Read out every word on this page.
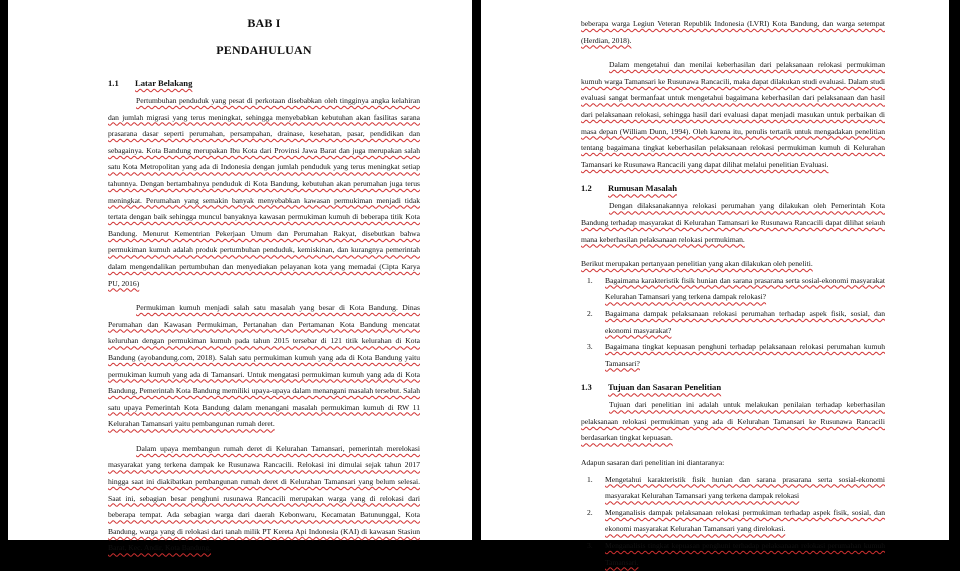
BAB I
PENDAHULUAN
1.1	Latar Belakang

Pertumbuhan penduduk yang pesat di perkotaan disebabkan oleh tingginya angka kelahiran dan jumlah migrasi yang terus meningkat, sehingga menyebabkan kebutuhan akan fasilitas sarana prasarana dasar seperti perumahan, persampahan, drainase, kesehatan, pasar, pendidikan dan sebagainya. Kota Bandung merupakan Ibu Kota dari Provinsi Jawa Barat dan juga merupakan salah satu Kota Metropolitan yang ada di Indonesia dengan jumlah penduduk yang terus meningkat setiap tahunnya. Dengan bertambahnya penduduk di Kota Bandung, kebutuhan akan perumahan juga terus meningkat. Perumahan yang semakin banyak menyebabkan kawasan permukiman menjadi tidak tertata dengan baik sehingga muncul banyaknya kawasan permukiman kumuh di beberapa titik Kota Bandung. Menurut Kementrian Pekerjaan Umum dan Perumahan Rakyat, disebutkan bahwa permukiman kumuh adalah produk pertumbuhan penduduk, kemiskinan, dan kurangnya pemerintah dalam mengendalikan pertumbuhan dan menyediakan pelayanan kota yang memadai (Cipta Karya PU, 2016)

Permukiman kumuh menjadi salah satu masalah yang besar di Kota Bandung. Dinas Perumahan dan Kawasan Permukiman, Pertanahan dan Pertamanan Kota Bandung mencatat keluruhan dengan permukiman kumuh pada tahun 2015 tersebar di 121 titik kelurahan di Kota Bandung (ayobandung.com, 2018). Salah satu permukiman kumuh yang ada di Kota Bandung yaitu permukiman kumuh yang ada di Tamansari. Untuk mengatasi permukiman kumuh yang ada di Kota Bandung, Pemerintah Kota Bandung memiliki upaya-upaya dalam menangani masalah tersebut. Salah satu upaya Pemerintah Kota Bandung dalam menangani masalah permukiman kumuh di RW 11 Kelurahan Tamansari yaitu pembangunan rumah deret.

Dalam upaya membangun rumah deret di Kelurahan Tamansari, pemerintah merelokasi masyarakat yang terkena dampak ke Rusunawa Rancacili. Relokasi ini dimulai sejak tahun 2017 hingga saat ini diakibatkan pembangunan rumah deret di Kelurahan Tamansari yang belum selesai. Saat ini, sebagian besar penghuni rusunawa Rancacili merupakan warga yang di relokasi dari beberapa tempat. Ada sebagian warga dari daerah Kebonwaru, Kecamatan Batununggal, Kota Bandung, warga yang di relokasi dari tanah milik PT Kereta Api Indonesia (KAI) di kawasan Stasiun Barat, Kec. Andir, Kota Bandung,

beberapa warga Legiun Veteran Republik Indonesia (LVRI) Kota Bandung, dan warga setempat (Herdian, 2018).

Dalam mengetahui dan menilai keberhasilan dari pelaksanaan relokasi permukiman kumuh warga Tamansari ke Rusunawa Rancacili, maka dapat dilakukan studi evaluasi. Dalam studi evaluasi sangat bermanfaat untuk mengetahui bagaimana keberhasilan dari pelaksanaan dan hasil dari pelaksanaan relokasi, sehingga hasil dari evaluasi dapat menjadi masukan untuk perbaikan di masa depan (William Dunn, 1994). Oleh karena itu, penulis tertarik untuk mengadakan penelitian tentang bagaimana tingkat keberhasilan pelaksanaan relokasi permukiman kumuh di Kelurahan Tamansari ke Rusunawa Rancacili yang dapat dilihat melalui penelitian Evaluasi.

1.2	Rumusan Masalah

Dengan dilaksanakannya relokasi perumahan yang dilakukan oleh Pemerintah Kota Bandung terhadap masyarakat di Kelurahan Tamansari ke Rusunawa Rancacili dapat dilihat seiauh mana keberhasilan pelaksanaan relokasi permukiman.

Berikut merupakan pertanyaan penelitian yang akan dilakukan oleh peneliti.

1. Bagaimana karakteristik fisik hunian dan sarana prasarana serta sosial-ekonomi masyarakat Kelurahan Tamansari yang terkena dampak relokasi?
2. Bagaimana dampak pelaksanaan relokasi perumahan terhadap aspek fisik, sosial, dan ekonomi masyarakat?
3. Bagaimana tingkat kepuasan penghuni terhadap pelaksanaan relokasi perumahan kumuh Tamansari?
1.3	Tujuan dan Sasaran Penelitian

Tujuan dari penelitian ini adalah untuk melakukan penilaian terhadap keberhasilan pelaksanaan relokasi permukiman yang ada di Kelurahan Tamansari ke Rusunawa Rancacili berdasarkan tingkat kepuasan.

Adapun sasaran dari penelitian ini diantaranya:

1. Mengetahui karakteristik fisik hunian dan sarana prasarana serta sosial-ekonomi masyarakat Kelurahan Tamansari yang terkena dampak relokasi
2. Menganalisis dampak pelaksanaan relokasi permukiman terhadap aspek fisik, sosial, dan ekonomi masyarakat Kelurahan Tamansari yang direlokasi.
3. Menganalisis tingkat kepuasan penghuni terhadap pelaksanaan relokasi perumahan kumuh Tamansari.
